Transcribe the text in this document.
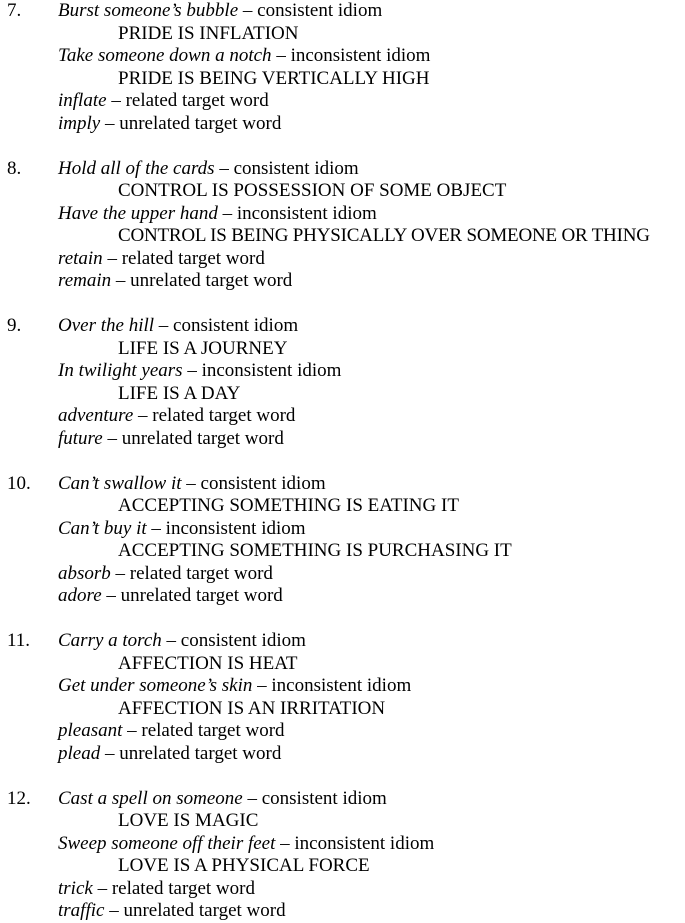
7. Burst someone’s bubble – consistent idiom
PRIDE IS INFLATION
Take someone down a notch – inconsistent idiom
PRIDE IS BEING VERTICALLY HIGH
inflate – related target word
imply – unrelated target word
8. Hold all of the cards – consistent idiom
CONTROL IS POSSESSION OF SOME OBJECT
Have the upper hand – inconsistent idiom
CONTROL IS BEING PHYSICALLY OVER SOMEONE OR THING
retain – related target word
remain – unrelated target word
9. Over the hill – consistent idiom
LIFE IS A JOURNEY
In twilight years – inconsistent idiom
LIFE IS A DAY
adventure – related target word
future – unrelated target word
10. Can’t swallow it – consistent idiom
ACCEPTING SOMETHING IS EATING IT
Can’t buy it – inconsistent idiom
ACCEPTING SOMETHING IS PURCHASING IT
absorb – related target word
adore – unrelated target word
11. Carry a torch – consistent idiom
AFFECTION IS HEAT
Get under someone’s skin – inconsistent idiom
AFFECTION IS AN IRRITATION
pleasant – related target word
plead – unrelated target word
12. Cast a spell on someone – consistent idiom
LOVE IS MAGIC
Sweep someone off their feet – inconsistent idiom
LOVE IS A PHYSICAL FORCE
trick – related target word
traffic – unrelated target word
